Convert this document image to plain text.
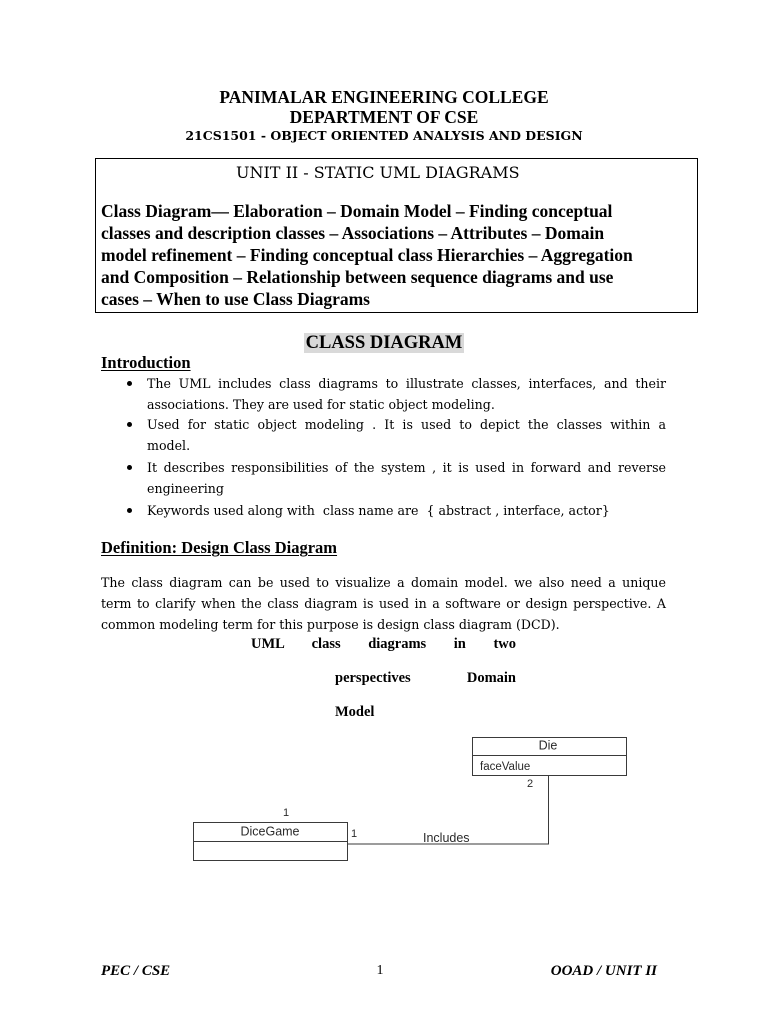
PANIMALAR ENGINEERING COLLEGE
DEPARTMENT OF CSE
21CS1501 - OBJECT ORIENTED ANALYSIS AND DESIGN
UNIT II - STATIC UML DIAGRAMS
Class Diagram— Elaboration – Domain Model – Finding conceptual
classes and description classes – Associations – Attributes – Domain
model refinement – Finding conceptual class Hierarchies – Aggregation
and Composition – Relationship between sequence diagrams and use
cases – When to use Class Diagrams
CLASS DIAGRAM
Introduction
The UML includes class diagrams to illustrate classes, interfaces, and their
associations. They are used for static object modeling.
Used for static object modeling . It is used to depict the classes within a
model.
It describes responsibilities of the system , it is used in forward and reverse
engineering
Keywords used along with  class name are  { abstract , interface, actor}
Definition: Design Class Diagram
The class diagram can be used to visualize a domain model. we also need a unique
term to clarify when the class diagram is used in a software or design perspective. A
common modeling term for this purpose is design class diagram (DCD).
UML class diagrams in two
perspectives Domain
Model
Die
faceValue
2
1
DiceGame	1	Includes
PEC / CSE	1	OOAD / UNIT II
